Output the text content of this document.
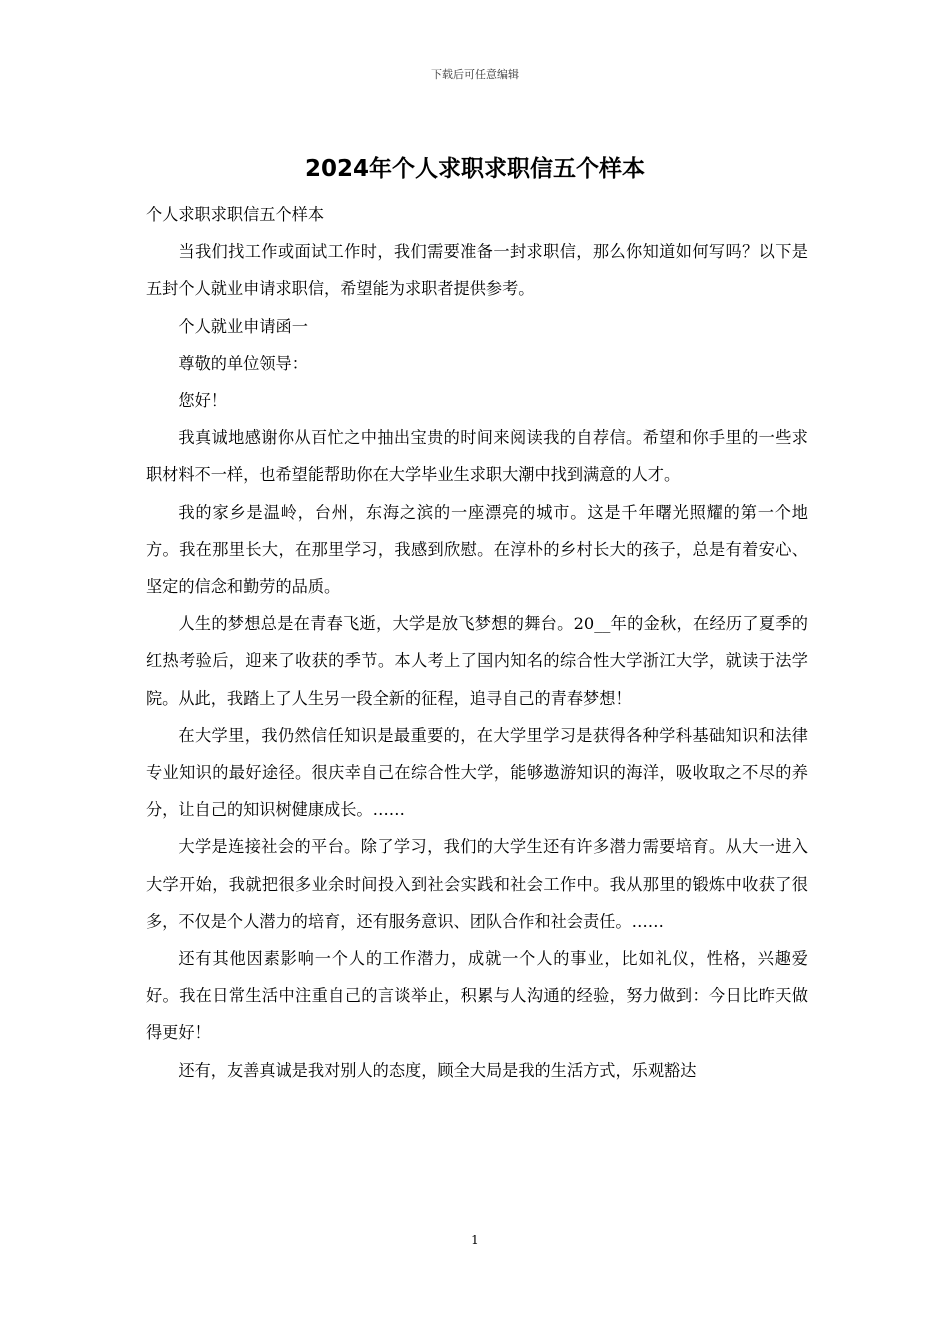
下载后可任意编辑
2024年个人求职求职信五个样本

个人求职求职信五个样本

当我们找工作或面试工作时，我们需要准备一封求职信，那么你知道如何写吗？以下是五封个人就业申请求职信，希望能为求职者提供参考。

个人就业申请函一

尊敬的单位领导：

您好！

我真诚地感谢你从百忙之中抽出宝贵的时间来阅读我的自荐信。希望和你手里的一些求职材料不一样，也希望能帮助你在大学毕业生求职大潮中找到满意的人才。

我的家乡是温岭，台州，东海之滨的一座漂亮的城市。这是千年曙光照耀的第一个地方。我在那里长大，在那里学习，我感到欣慰。在淳朴的乡村长大的孩子，总是有着安心、坚定的信念和勤劳的品质。

人生的梦想总是在青春飞逝，大学是放飞梦想的舞台。20__年的金秋，在经历了夏季的红热考验后，迎来了收获的季节。本人考上了国内知名的综合性大学浙江大学，就读于法学院。从此，我踏上了人生另一段全新的征程，追寻自己的青春梦想！

在大学里，我仍然信任知识是最重要的，在大学里学习是获得各种学科基础知识和法律专业知识的最好途径。很庆幸自己在综合性大学，能够遨游知识的海洋，吸收取之不尽的养分，让自己的知识树健康成长。……

大学是连接社会的平台。除了学习，我们的大学生还有许多潜力需要培育。从大一进入大学开始，我就把很多业余时间投入到社会实践和社会工作中。我从那里的锻炼中收获了很多，不仅是个人潜力的培育，还有服务意识、团队合作和社会责任。……

还有其他因素影响一个人的工作潜力，成就一个人的事业，比如礼仪，性格，兴趣爱好。我在日常生活中注重自己的言谈举止，积累与人沟通的经验，努力做到：今日比昨天做得更好！

还有，友善真诚是我对别人的态度，顾全大局是我的生活方式，乐观豁达

1
